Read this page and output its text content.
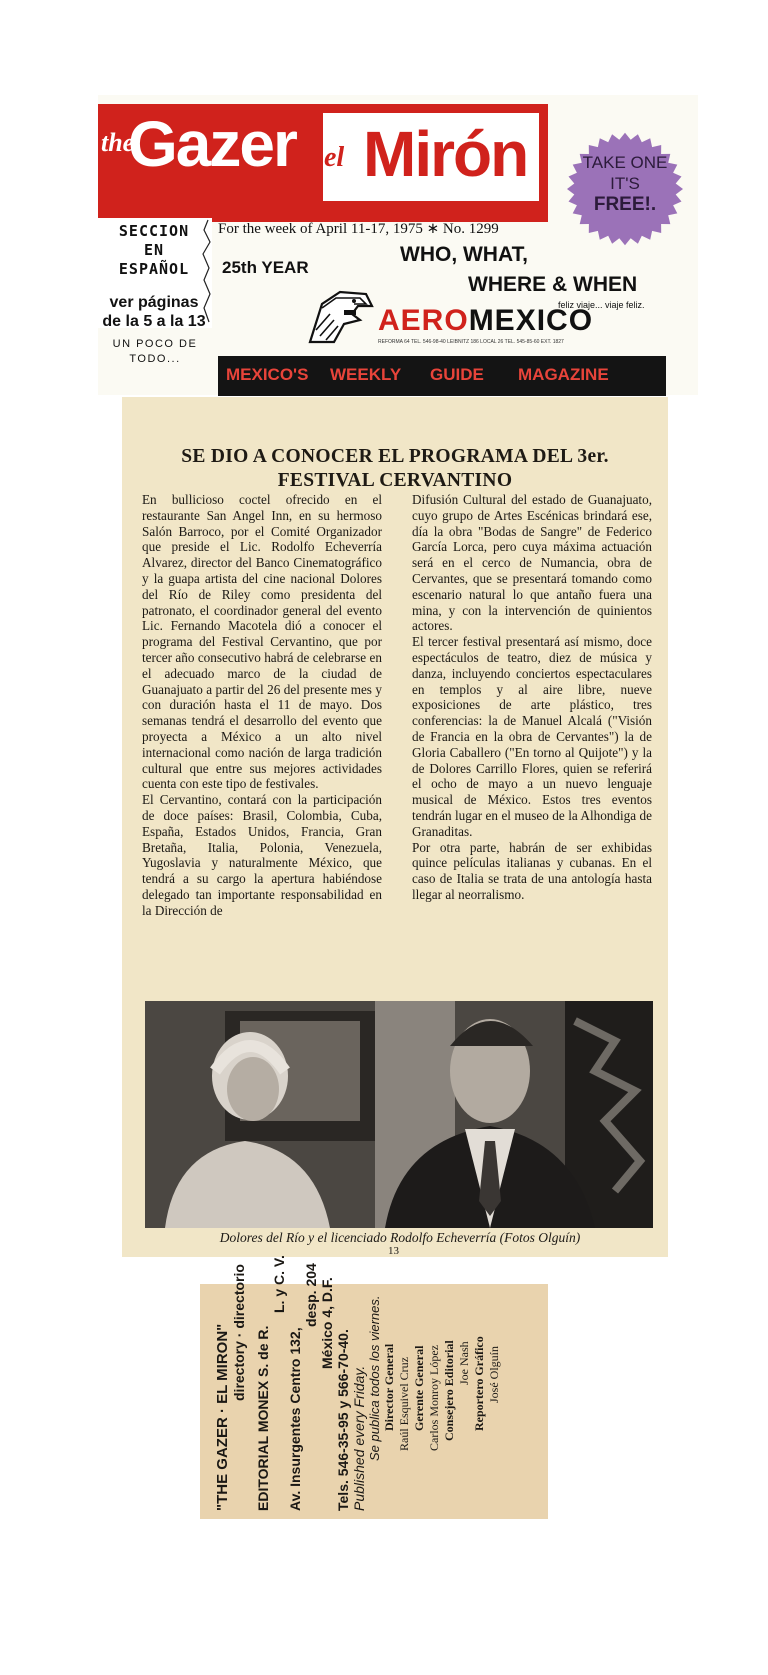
the
Gazer el Mirón	TAKE ONE
IT'S
FREE!.
SECCION
EN
ESPAÑOL
ver páginas
de la 5 a la 13
UN POCO DE
TODO...
For the week of April 11-17, 1975 ∗ No. 1299
25th YEAR
WHO, WHAT,
WHERE & WHEN
feliz viaje... viaje feliz.
AEROMEXICO
REFORMA 64 TEL. 546-98-40 LEIBNITZ 186 LOCAL 26 TEL. 545-85-60 EXT. 1827
MEXICO'S WEEKLY GUIDE MAGAZINE
SE DIO A CONOCER EL PROGRAMA DEL 3er.
FESTIVAL CERVANTINO

En bullicioso coctel ofrecido en el restaurante San Angel Inn, en su hermoso Salón Barroco, por el Comité Organizador que preside el Lic. Rodolfo Echeverría Alvarez, director del Banco Cinematográfico y la guapa artista del cine nacional Dolores del Río de Riley como presidenta del patronato, el coordinador general del evento Lic. Fernando Macotela dió a conocer el programa del Festival Cervantino, que por tercer año consecutivo habrá de celebrarse en el adecuado marco de la ciudad de Guanajuato a partir del 26 del presente mes y con duración hasta el 11 de mayo. Dos semanas tendrá el desarrollo del evento que proyecta a México a un alto nivel internacional como nación de larga tradición cultural que entre sus mejores actividades cuenta con este tipo de festivales.

El Cervantino, contará con la participación de doce países: Brasil, Colombia, Cuba, España, Estados Unidos, Francia, Gran Bretaña, Italia, Polonia, Venezuela, Yugoslavia y naturalmente México, que tendrá a su cargo la apertura habiéndose delegado tan importante responsabilidad en la Dirección de

Difusión Cultural del estado de Guanajuato, cuyo grupo de Artes Escénicas brindará ese, día la obra "Bodas de Sangre" de Federico García Lorca, pero cuya máxima actuación será en el cerco de Numancia, obra de Cervantes, que se presentará tomando como escenario natural lo que antaño fuera una mina, y con la intervención de quinientos actores.

El tercer festival presentará así mismo, doce espectáculos de teatro, diez de música y danza, incluyendo conciertos espectaculares en templos y al aire libre, nueve exposiciones de arte plástico, tres conferencias: la de Manuel Alcalá ("Visión de Francia en la obra de Cervantes") la de Gloria Caballero ("En torno al Quijote") y la de Dolores Carrillo Flores, quien se referirá el ocho de mayo a un nuevo lenguaje musical de México. Estos tres eventos tendrán lugar en el museo de la Alhondiga de Granaditas.

Por otra parte, habrán de ser exhibidas quince películas italianas y cubanas. En el caso de Italia se trata de una antología hasta llegar al neorralismo.

Dolores del Río y el licenciado Rodolfo Echeverría (Fotos Olguín)
13
"THE GAZER · EL MIRON" directory · directorio EDITORIAL MONEX S. de R.
L. y C. V.
Av. Insurgentes Centro 132,
desp. 204 México 4, D.F.
Tels. 546-35-95 y 566-70-40. Published every Friday. Se publica todos los viernes. Director General Raúl Esquivel Cruz Gerente General Carlos Monroy López Consejero Editorial Joe Nash Reportero Gráfico José Olguín
